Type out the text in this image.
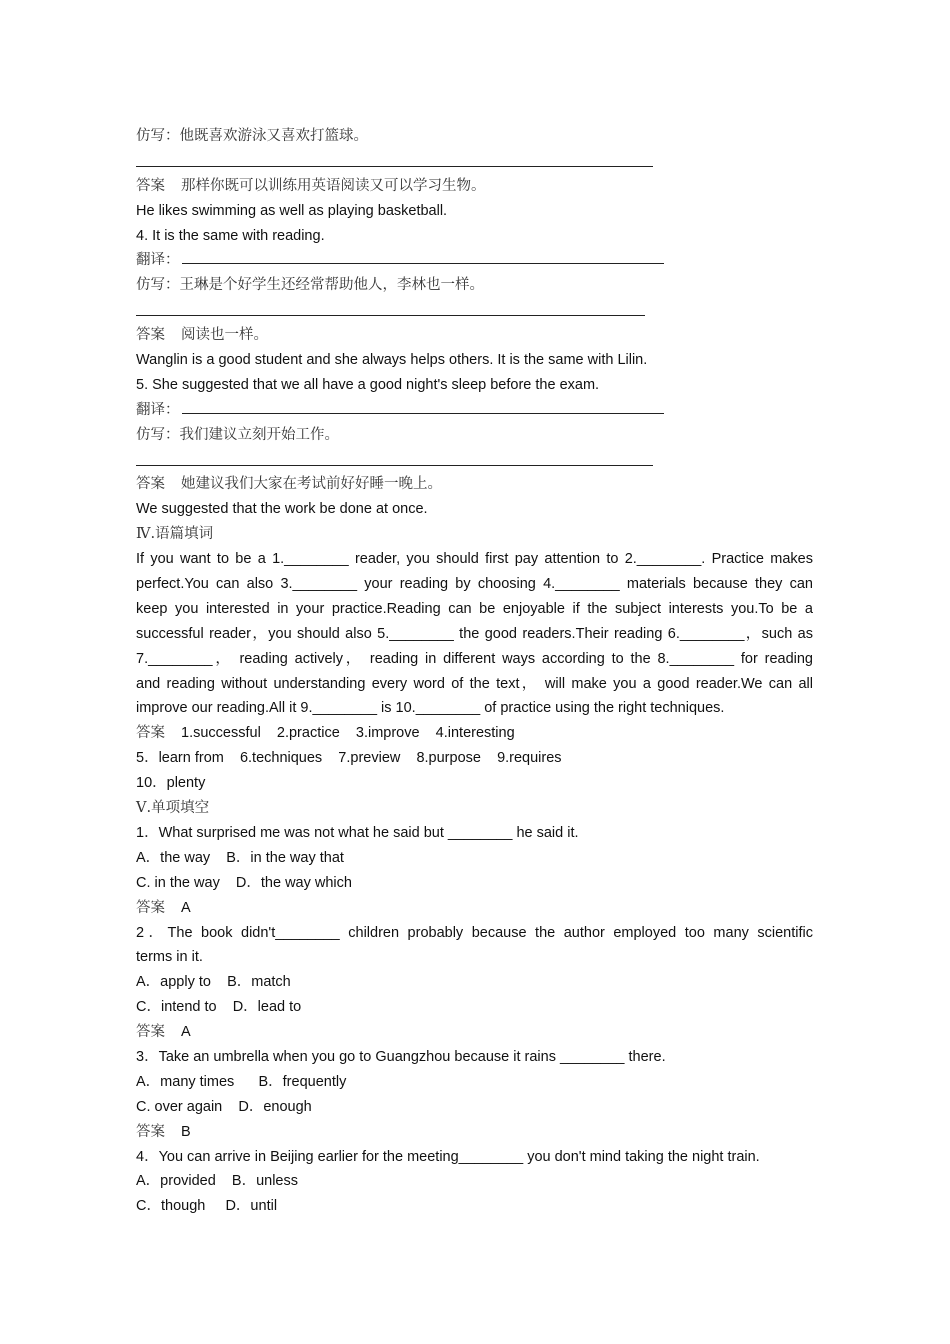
仿写：他既喜欢游泳又喜欢打篮球。
答案 那样你既可以训练用英语阅读又可以学习生物。
He likes swimming as well as playing basketball.
4. It is the same with reading.
翻译：
仿写：王琳是个好学生还经常帮助他人，李林也一样。
答案 阅读也一样。
Wanglin is a good student and she always helps others. It is the same with Lilin.
5. She suggested that we all have a good night's sleep before the exam.
翻译：
仿写：我们建议立刻开始工作。
答案 她建议我们大家在考试前好好睡一晚上。
We suggested that the work be done at once.
Ⅳ.语篇填词
If you want to be a 1.________ reader, you should first pay attention to 2.________. Practice makes
perfect.You can also 3.________ your reading by choosing 4.________ materials because they can
keep you interested in your practice.Reading can be enjoyable if the subject interests you.To be a
successful reader，you should also 5.________ the good readers.Their reading 6.________，such as
7.________， reading actively， reading in different ways according to the 8.________ for reading
and reading without understanding every word of the text， will make you a good reader.We can all
improve our reading.All it 9.________ is 10.________ of practice using the right techniques.
答案 1.successful    2.practice    3.improve    4.interesting
5．learn from    6.techniques    7.preview    8.purpose    9.requires
10．plenty
Ⅴ.单项填空
1．What surprised me was not what he said but ________ he said it.
A．the way    B．in the way that
C. in the way    D．the way which
答案 A
2．The book didn't________ children probably because the author employed too many scientific
terms in it.
A．apply to    B．match
C．intend to    D．lead to
答案 A
3．Take an umbrella when you go to Guangzhou because it rains ________ there.
A．many times      B．frequently
C. over again    D．enough
答案 B
4．You can arrive in Beijing earlier for the meeting________ you don't mind taking the night train.
A．provided    B．unless
C．though     D．until
